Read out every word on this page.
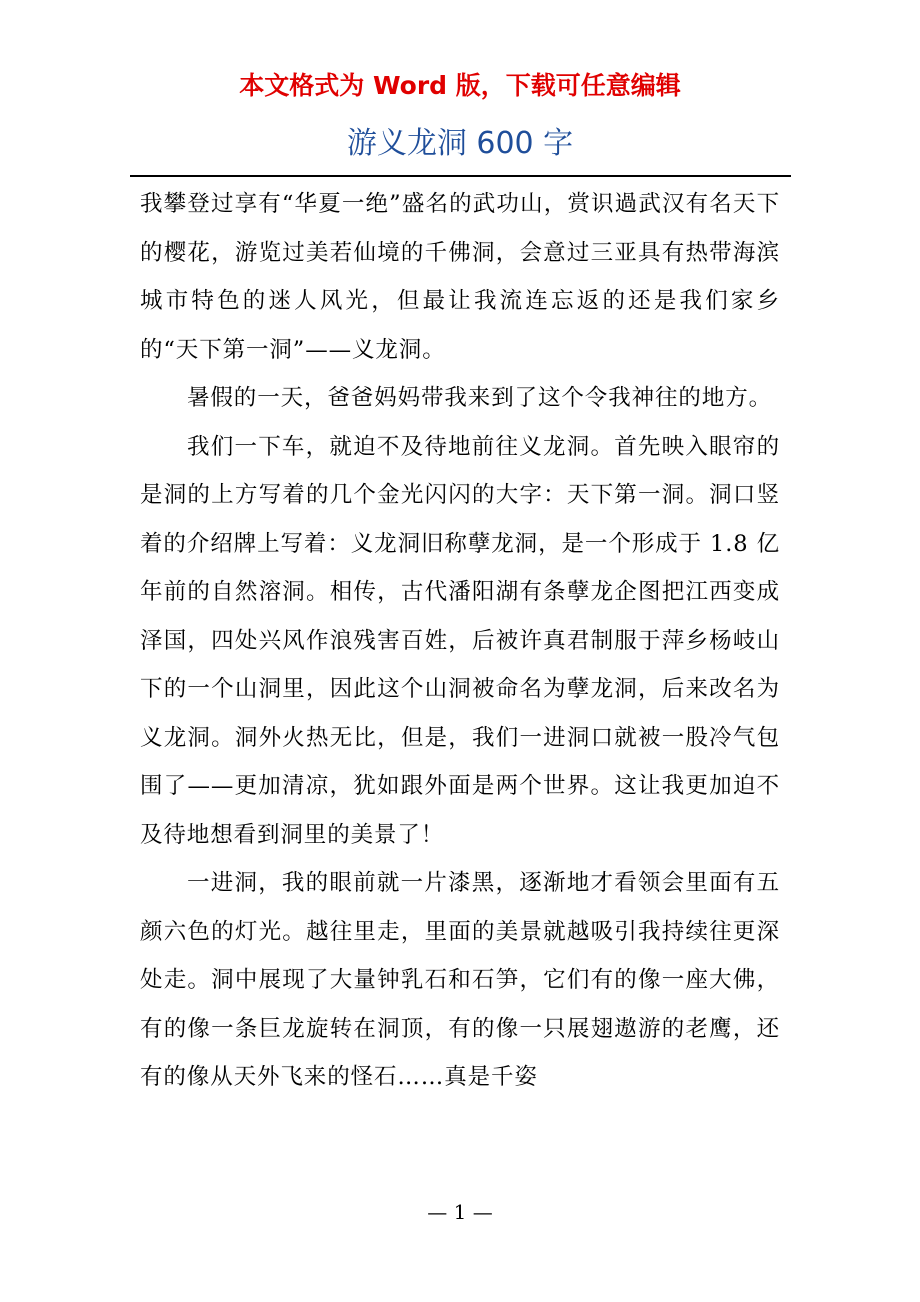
本文格式为 Word 版，下载可任意编辑
游义龙洞 600 字

我攀登过享有“华夏一绝”盛名的武功山，赏识過武汉有名天下的樱花，游览过美若仙境的千佛洞，会意过三亚具有热带海滨城市特色的迷人风光，但最让我流连忘返的还是我们家乡的“天下第一洞”——义龙洞。

暑假的一天，爸爸妈妈带我来到了这个令我神往的地方。

我们一下车，就迫不及待地前往义龙洞。首先映入眼帘的是洞的上方写着的几个金光闪闪的大字：天下第一洞。洞口竖着的介绍牌上写着：义龙洞旧称孽龙洞，是一个形成于 1.8 亿年前的自然溶洞。相传，古代潘阳湖有条孽龙企图把江西变成泽国，四处兴风作浪残害百姓，后被许真君制服于萍乡杨岐山下的一个山洞里，因此这个山洞被命名为孽龙洞，后来改名为义龙洞。洞外火热无比，但是，我们一进洞口就被一股冷气包围了——更加清凉，犹如跟外面是两个世界。这让我更加迫不及待地想看到洞里的美景了！

一进洞，我的眼前就一片漆黑，逐渐地才看领会里面有五颜六色的灯光。越往里走，里面的美景就越吸引我持续往更深处走。洞中展现了大量钟乳石和石笋，它们有的像一座大佛，有的像一条巨龙旋转在洞顶，有的像一只展翅遨游的老鹰，还有的像从天外飞来的怪石……真是千姿

— 1 —
